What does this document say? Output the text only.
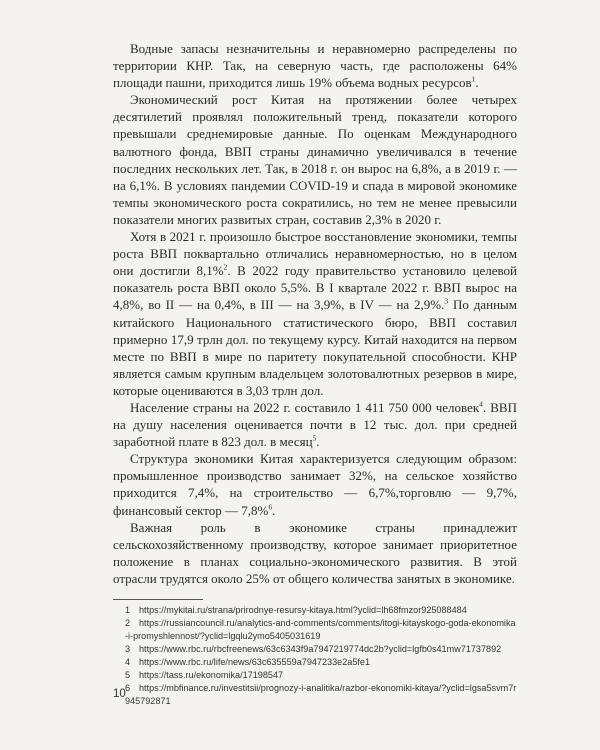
Водные запасы незначительны и неравномерно распределены по территории КНР. Так, на северную часть, где расположены 64% площади пашни, приходится лишь 19% объема водных ресурсов$^1$.

Экономический рост Китая на протяжении более четырех десятилетий проявлял положительный тренд, показатели которого превышали среднемировые данные. По оценкам Международного валютного фонда, ВВП страны динамично увеличивался в течение последних нескольких лет. Так, в 2018 г. он вырос на 6,8%, а в 2019 г. — на 6,1%. В условиях пандемии COVID-19 и спада в мировой экономике темпы экономического роста сократились, но тем не менее превысили показатели многих развитых стран, составив 2,3% в 2020 г.

Хотя в 2021 г. произошло быстрое восстановление экономики, темпы роста ВВП поквартально отличались неравномерностью, но в целом они достигли 8,1%$^2$. В 2022 году правительство установило целевой показатель роста ВВП около 5,5%. В I квартале 2022 г. ВВП вырос на 4,8%, во II — на 0,4%, в III — на 3,9%, в IV — на 2,9%.$^3$ По данным китайского Национального статистического бюро, ВВП составил примерно 17,9 трлн дол. по текущему курсу. Китай находится на первом месте по ВВП в мире по паритету покупательной способности. КНР является самым крупным владельцем золотовалютных резервов в мире, которые оцениваются в 3,03 трлн дол.

Население страны на 2022 г. составило 1 411 750 000 человек$^4$. ВВП на душу населения оценивается почти в 12 тыс. дол. при средней заработной плате в 823 дол. в месяц$^5$.

Структура экономики Китая характеризуется следующим образом: промышленное производство занимает 32%, на сельское хозяйство приходится 7,4%, на строительство — 6,7%,торговлю — 9,7%, финансовый сектор — 7,8%$^6$.

Важная роль в экономике страны принадлежит сельскохозяйственному производству, которое занимает приоритетное положение в планах социально-экономического развития. В этой отрасли трудятся около 25% от общего количества занятых в экономике.

1 https://mykitai.ru/strana/prirodnye-resursy-kitaya.html?yclid=lh68fmzor925088484
2 https://russiancouncil.ru/analytics-and-comments/comments/itogi-kitayskogo-goda-ekonomika-i-promyshlennost/?yclid=lgqlu2ymo5405031619
3 https://www.rbc.ru/rbcfreenews/63c6343f9a7947219774dc2b?yclid=lgfb0s41mw71737892
4 https://www.rbc.ru/life/news/63c635559a7947233e2a5fe1
5 https://tass.ru/ekonomika/17198547
6 https://mbfinance.ru/investitsii/prognozy-i-analitika/razbor-ekonomiki-kitaya/?yclid=lgsa5svm7r945792871
10
